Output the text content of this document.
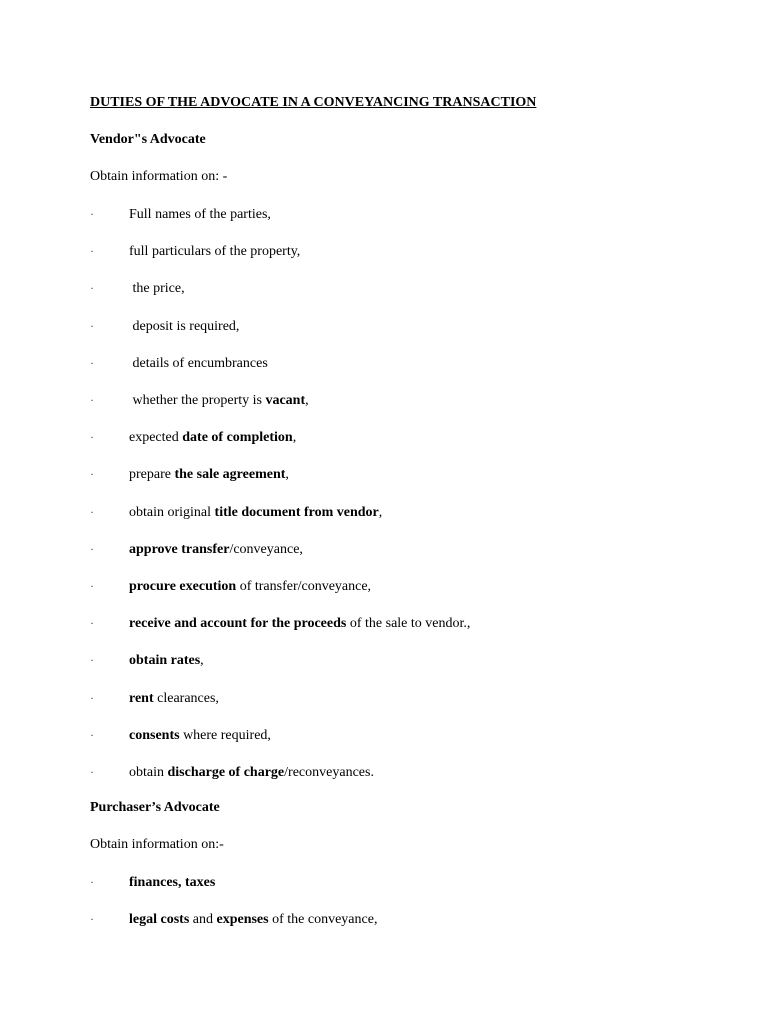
DUTIES OF THE ADVOCATE IN A CONVEYANCING TRANSACTION
Vendor"s Advocate
Obtain information on: -
·	Full names of the parties,
·	full particulars of the property,
·	the price,
·	deposit is required,
·	details of encumbrances
·	whether the property is vacant,
·	expected date of completion,
·	prepare the sale agreement,
·	obtain original title document from vendor,
·	approve transfer/conveyance,
·	procure execution of transfer/conveyance,
·	receive and account for the proceeds of the sale to vendor.,
·	obtain rates,
·	rent clearances,
·	consents where required,
·	obtain discharge of charge/reconveyances.
Purchaser’s Advocate
Obtain information on:-
·	finances, taxes
·	legal costs and expenses of the conveyance,
